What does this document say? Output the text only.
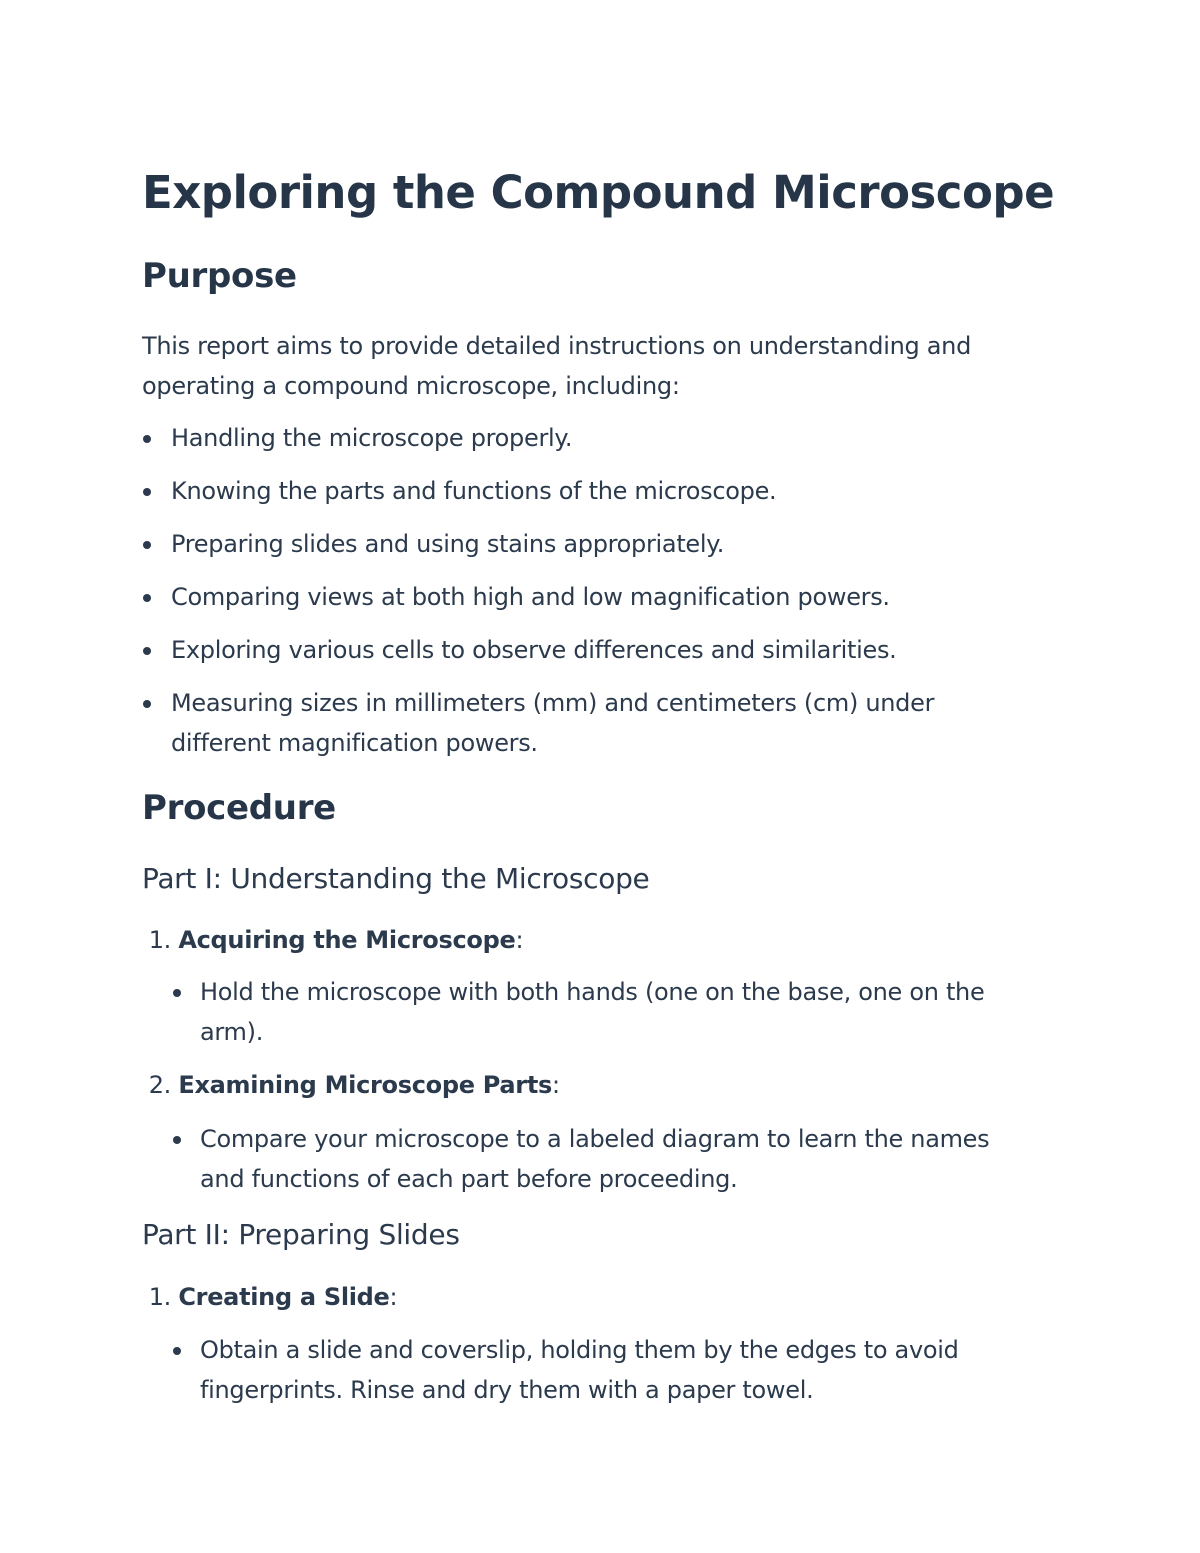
Exploring the Compound Microscope
Purpose

This report aims to provide detailed instructions on understanding and operating a compound microscope, including:

Handling the microscope properly.
Knowing the parts and functions of the microscope.
Preparing slides and using stains appropriately.
Comparing views at both high and low magnification powers.
Exploring various cells to observe differences and similarities.
Measuring sizes in millimeters (mm) and centimeters (cm) under different magnification powers.
Procedure
Part I: Understanding the Microscope
1. Acquiring the Microscope:
Hold the microscope with both hands (one on the base, one on the arm).
2. Examining Microscope Parts:
Compare your microscope to a labeled diagram to learn the names and functions of each part before proceeding.
Part II: Preparing Slides
1. Creating a Slide:
Obtain a slide and coverslip, holding them by the edges to avoid fingerprints. Rinse and dry them with a paper towel.
